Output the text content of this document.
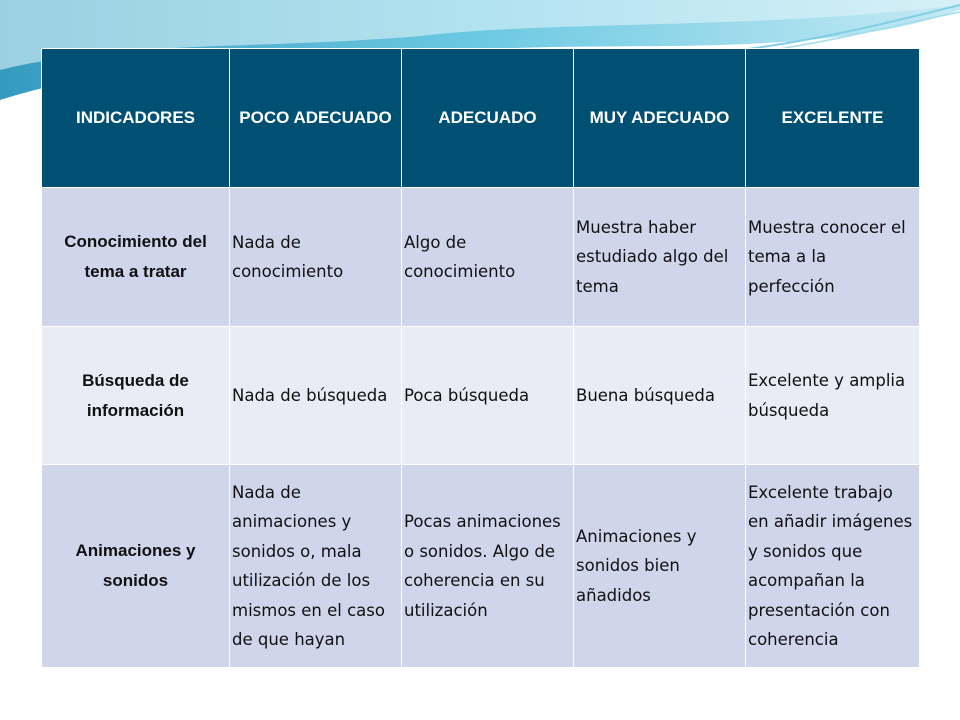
INDICADORES	POCO ADECUADO	ADECUADO	MUY ADECUADO	EXCELENTE
Conocimiento del tema a tratar	Nada de conocimiento	Algo de conocimiento	Muestra haber estudiado algo del tema	Muestra conocer el tema a la perfección
Búsqueda de información	Nada de búsqueda	Poca búsqueda	Buena búsqueda	Excelente y amplia búsqueda
Animaciones y sonidos	Nada de animaciones y sonidos o, mala utilización de los mismos en el caso de que hayan	Pocas animaciones o sonidos. Algo de coherencia en su utilización	Animaciones y sonidos bien añadidos	Excelente trabajo en añadir imágenes y sonidos que acompañan la presentación con coherencia
